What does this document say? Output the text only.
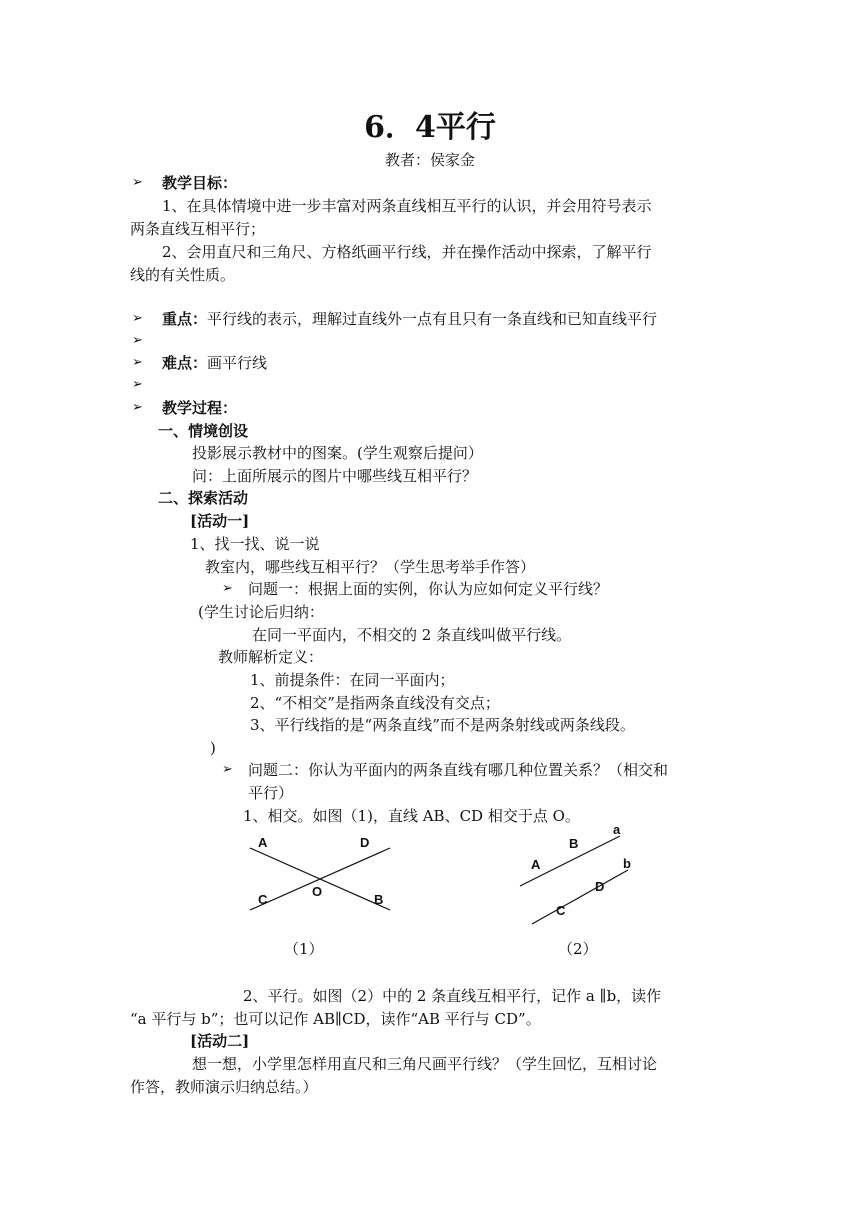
6．4平行
教者：侯家金
➢ 教学目标：
1、在具体情境中进一步丰富对两条直线相互平行的认识，并会用符号表示
两条直线互相平行；
2、会用直尺和三角尺、方格纸画平行线，并在操作活动中探索，了解平行
线的有关性质。
➢ 重点：平行线的表示，理解过直线外一点有且只有一条直线和已知直线平行
➢
➢ 难点：画平行线
➢
➢ 教学过程：
一、情境创设
投影展示教材中的图案。(学生观察后提问）
问：上面所展示的图片中哪些线互相平行？
二、探索活动
[活动一]
1、找一找、说一说
教室内，哪些线互相平行？（学生思考举手作答）
➢ 问题一：根据上面的实例，你认为应如何定义平行线？
(学生讨论后归纳：
在同一平面内，不相交的 2 条直线叫做平行线。
教师解析定义：
1、前提条件：在同一平面内；
2、“不相交”是指两条直线没有交点；
3、平行线指的是“两条直线”而不是两条射线或两条线段。
)
➢ 问题二：你认为平面内的两条直线有哪几种位置关系？（相交和
平行）
1、相交。如图（1)，直线 AB、CD 相交于点 O。
A	D
C
O
B
a
B
b
A
D
C
（1）	（2）
2、平行。如图（2）中的 2 条直线互相平行，记作 a ∥b，读作
“a 平行与 b”；也可以记作 AB∥CD，读作“AB 平行与 CD”。
[活动二]
想一想，小学里怎样用直尺和三角尺画平行线？（学生回忆，互相讨论
作答，教师演示归纳总结。）
